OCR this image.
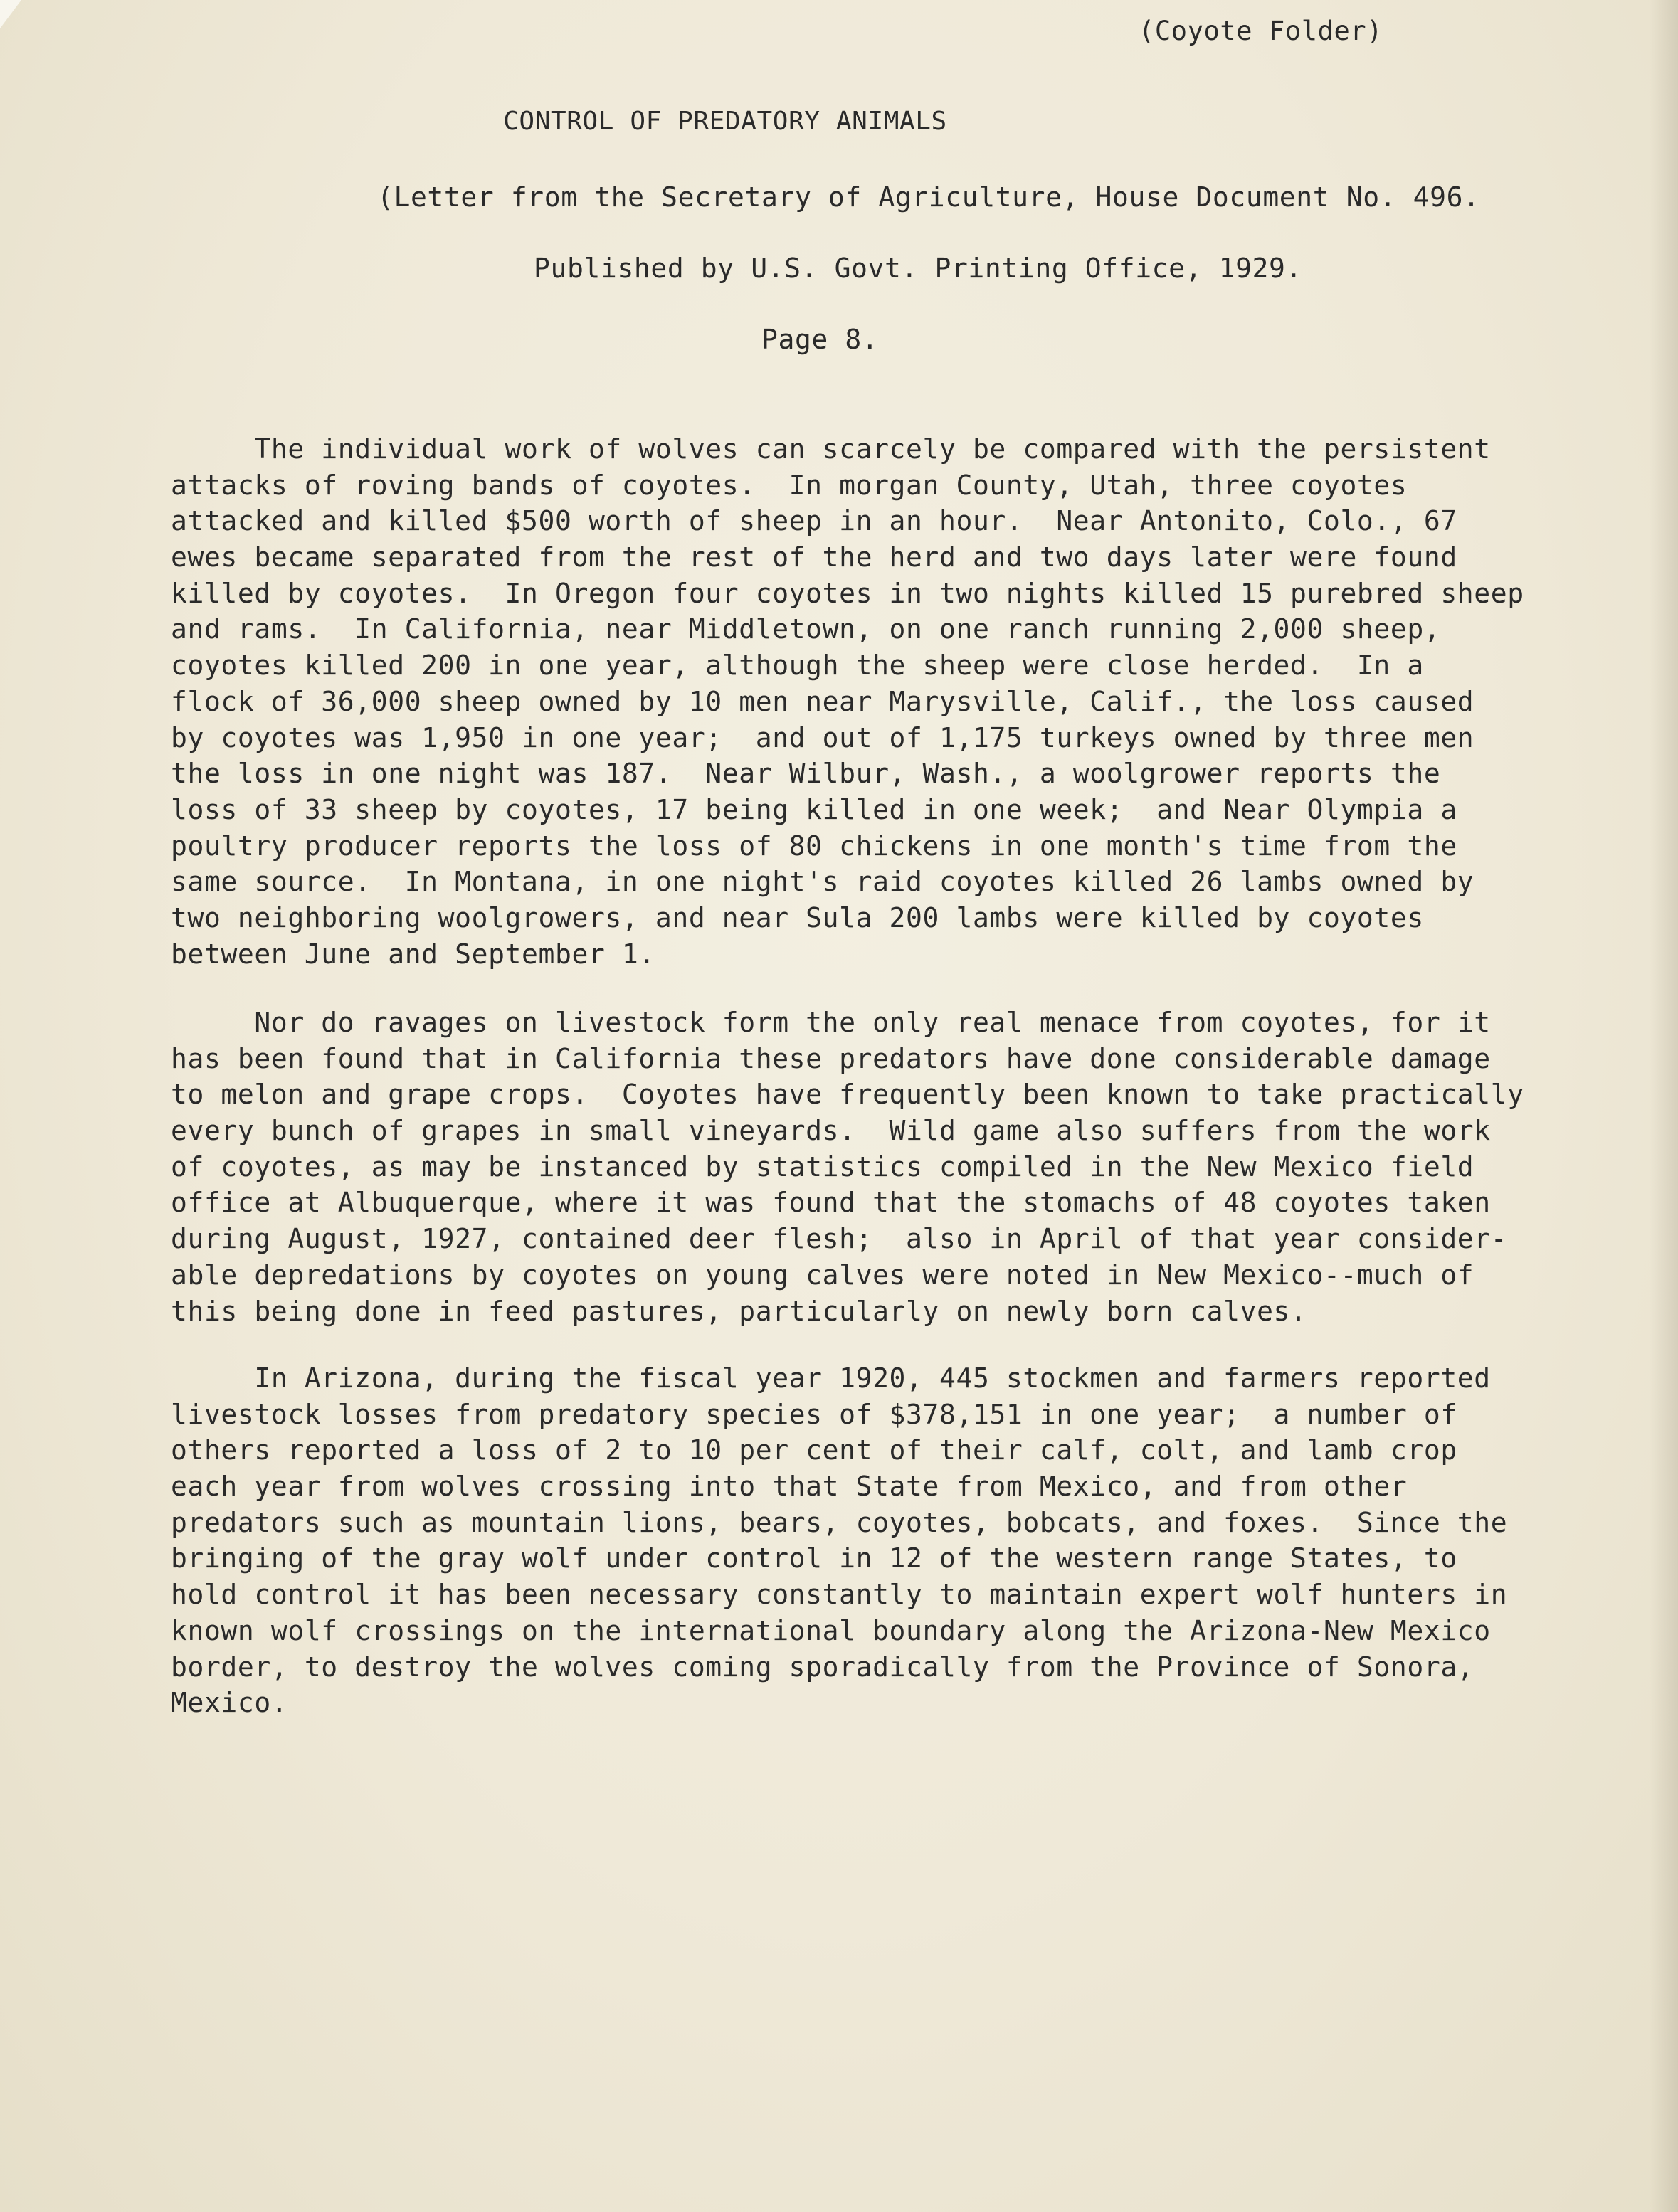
(Coyote Folder)
CONTROL OF PREDATORY ANIMALS
(Letter from the Secretary of Agriculture, House Document No. 496.
Published by U.S. Govt. Printing Office, 1929.
Page 8.
The individual work of wolves can scarcely be compared with the persistent
attacks of roving bands of coyotes.  In morgan County, Utah, three coyotes
attacked and killed $500 worth of sheep in an hour.  Near Antonito, Colo., 67
ewes became separated from the rest of the herd and two days later were found
killed by coyotes.  In Oregon four coyotes in two nights killed 15 purebred sheep
and rams.  In California, near Middletown, on one ranch running 2,000 sheep,
coyotes killed 200 in one year, although the sheep were close herded.  In a
flock of 36,000 sheep owned by 10 men near Marysville, Calif., the loss caused
by coyotes was 1,950 in one year;  and out of 1,175 turkeys owned by three men
the loss in one night was 187.  Near Wilbur, Wash., a woolgrower reports the
loss of 33 sheep by coyotes, 17 being killed in one week;  and Near Olympia a
poultry producer reports the loss of 80 chickens in one month's time from the
same source.  In Montana, in one night's raid coyotes killed 26 lambs owned by
two neighboring woolgrowers, and near Sula 200 lambs were killed by coyotes
between June and September 1.
Nor do ravages on livestock form the only real menace from coyotes, for it
has been found that in California these predators have done considerable damage
to melon and grape crops.  Coyotes have frequently been known to take practically
every bunch of grapes in small vineyards.  Wild game also suffers from the work
of coyotes, as may be instanced by statistics compiled in the New Mexico field
office at Albuquerque, where it was found that the stomachs of 48 coyotes taken
during August, 1927, contained deer flesh;  also in April of that year consider-
able depredations by coyotes on young calves were noted in New Mexico--much of
this being done in feed pastures, particularly on newly born calves.
In Arizona, during the fiscal year 1920, 445 stockmen and farmers reported
livestock losses from predatory species of $378,151 in one year;  a number of
others reported a loss of 2 to 10 per cent of their calf, colt, and lamb crop
each year from wolves crossing into that State from Mexico, and from other
predators such as mountain lions, bears, coyotes, bobcats, and foxes.  Since the
bringing of the gray wolf under control in 12 of the western range States, to
hold control it has been necessary constantly to maintain expert wolf hunters in
known wolf crossings on the international boundary along the Arizona-New Mexico
border, to destroy the wolves coming sporadically from the Province of Sonora,
Mexico.
